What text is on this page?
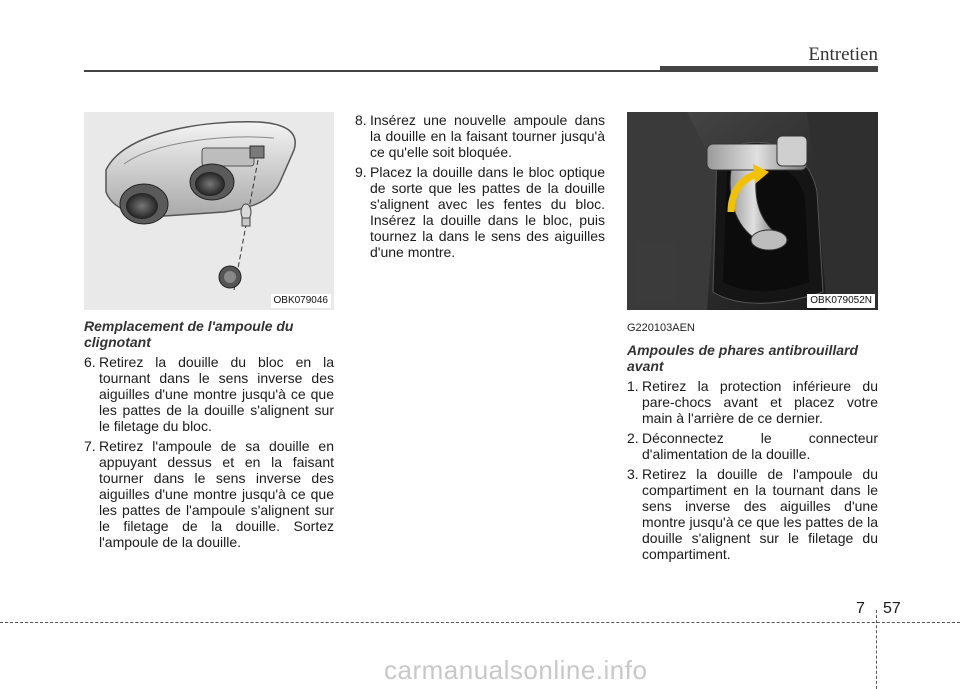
Entretien
OBK079046
Remplacement de l'ampoule du clignotant
6. Retirez la douille du bloc en la tournant dans le sens inverse des aiguilles d'une montre jusqu'à ce que les pattes de la douille s'alignent sur le filetage du bloc.
7. Retirez l'ampoule de sa douille en appuyant dessus et en la faisant tourner dans le sens inverse des aiguilles d'une montre jusqu'à ce que les pattes de l'ampoule s'alignent sur le filetage de la douille. Sortez l'ampoule de la douille.
8. Insérez une nouvelle ampoule dans la douille en la faisant tourner jusqu'à ce qu'elle soit bloquée.
9. Placez la douille dans le bloc optique de sorte que les pattes de la douille s'alignent avec les fentes du bloc. Insérez la douille dans le bloc, puis tournez la dans le sens des aiguilles d'une montre.
OBK079052N
G220103AEN
Ampoules de phares antibrouillard avant
1. Retirez la protection inférieure du pare-chocs avant et placez votre main à l'arrière de ce dernier.
2. Déconnectez le connecteur d'alimentation de la douille.
3. Retirez la douille de l'ampoule du compartiment en la tournant dans le sens inverse des aiguilles d'une montre jusqu'à ce que les pattes de la douille s'alignent sur le filetage du compartiment.
7 57
carmanualsonline.info
